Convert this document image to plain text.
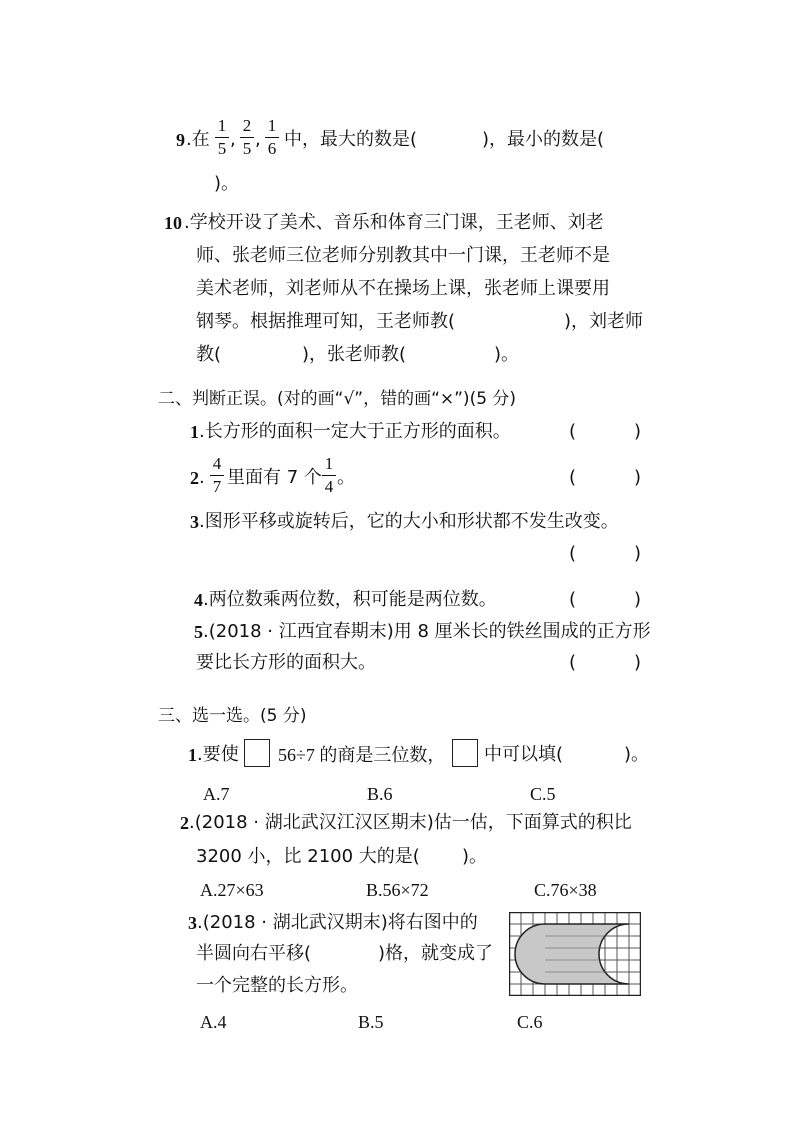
9 .在
1
5 ,
2
5 ,
1
6 中，最大的数是(	)，最小的数是(
)。
10 .学校开设了美术、音乐和体育三门课，王老师、刘老
师、张老师三位老师分别教其中一门课，王老师不是
美术老师，刘老师从不在操场上课，张老师上课要用
钢琴。根据推理可知，王老师教(	)，刘老师
教(	)，张老师教(	)。
二、判断正误。(对的画“√”，错的画“×”)(5 分)
1 .长方形的面积一定大于正方形的面积。	(	)
2 .
4
7 里面有 7 个
1
4 。	(	)
3 .图形平移或旋转后，它的大小和形状都不发生改变。
(	)
4 .两位数乘两位数，积可能是两位数。	(	)
5 .(2018 · 江西宜春期末)用 8 厘米长的铁丝围成的正方形
要比长方形的面积大。	(	)
三、选一选。(5 分)
1 .要使 56÷7 的商是三位数， 中可以填(	)。
A.7	B.6	C.5
2 .(2018 · 湖北武汉江汉区期末)估一估，下面算式的积比
3200 小，比 2100 大的是( )。
A.27×63	B.56×72	C.76×38
3 .(2018 · 湖北武汉期末)将右图中的
半圆向右平移(	)格，就变成了
一个完整的长方形。
A.4	B.5	C.6
